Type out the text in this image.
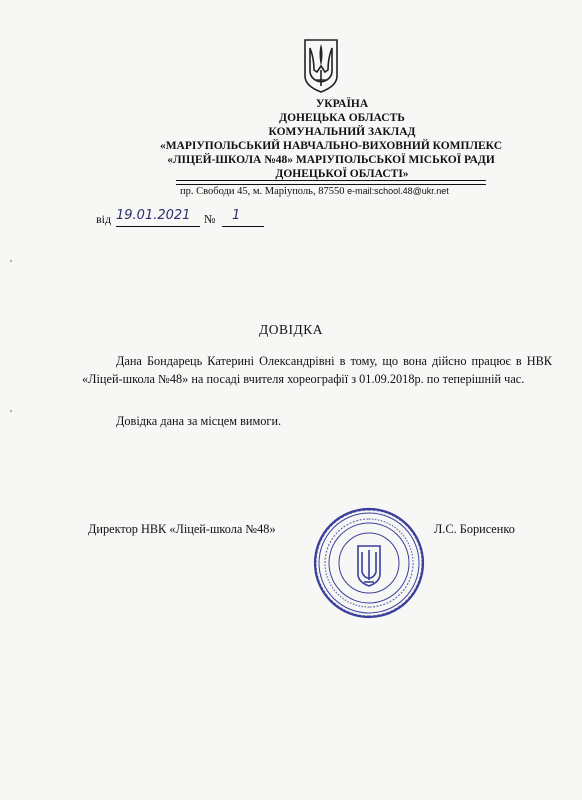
УКРАЇНА
ДОНЕЦЬКА ОБЛАСТЬ
КОМУНАЛЬНИЙ ЗАКЛАД
«МАРІУПОЛЬСЬКИЙ НАВЧАЛЬНО-ВИХОВНИЙ КОМПЛЕКС
«ЛІЦЕЙ-ШКОЛА №48» МАРІУПОЛЬСЬКОЇ МІСЬКОЇ РАДИ
ДОНЕЦЬКОЇ ОБЛАСТІ»
пр. Свободи 45, м. Маріуполь, 87550 e-mail:school.48@ukr.net
від 19.01.2021	№	1
ДОВІДКА
Дана Бондарець Катерині Олександрівні в тому, що вона дійсно працює в НВК «Ліцей-школа №48» на посаді вчителя хореографії з 01.09.2018р. по теперішній час.
Довідка дана за місцем вимоги.
Директор НВК «Ліцей-школа №48»	Л.С. Борисенко
